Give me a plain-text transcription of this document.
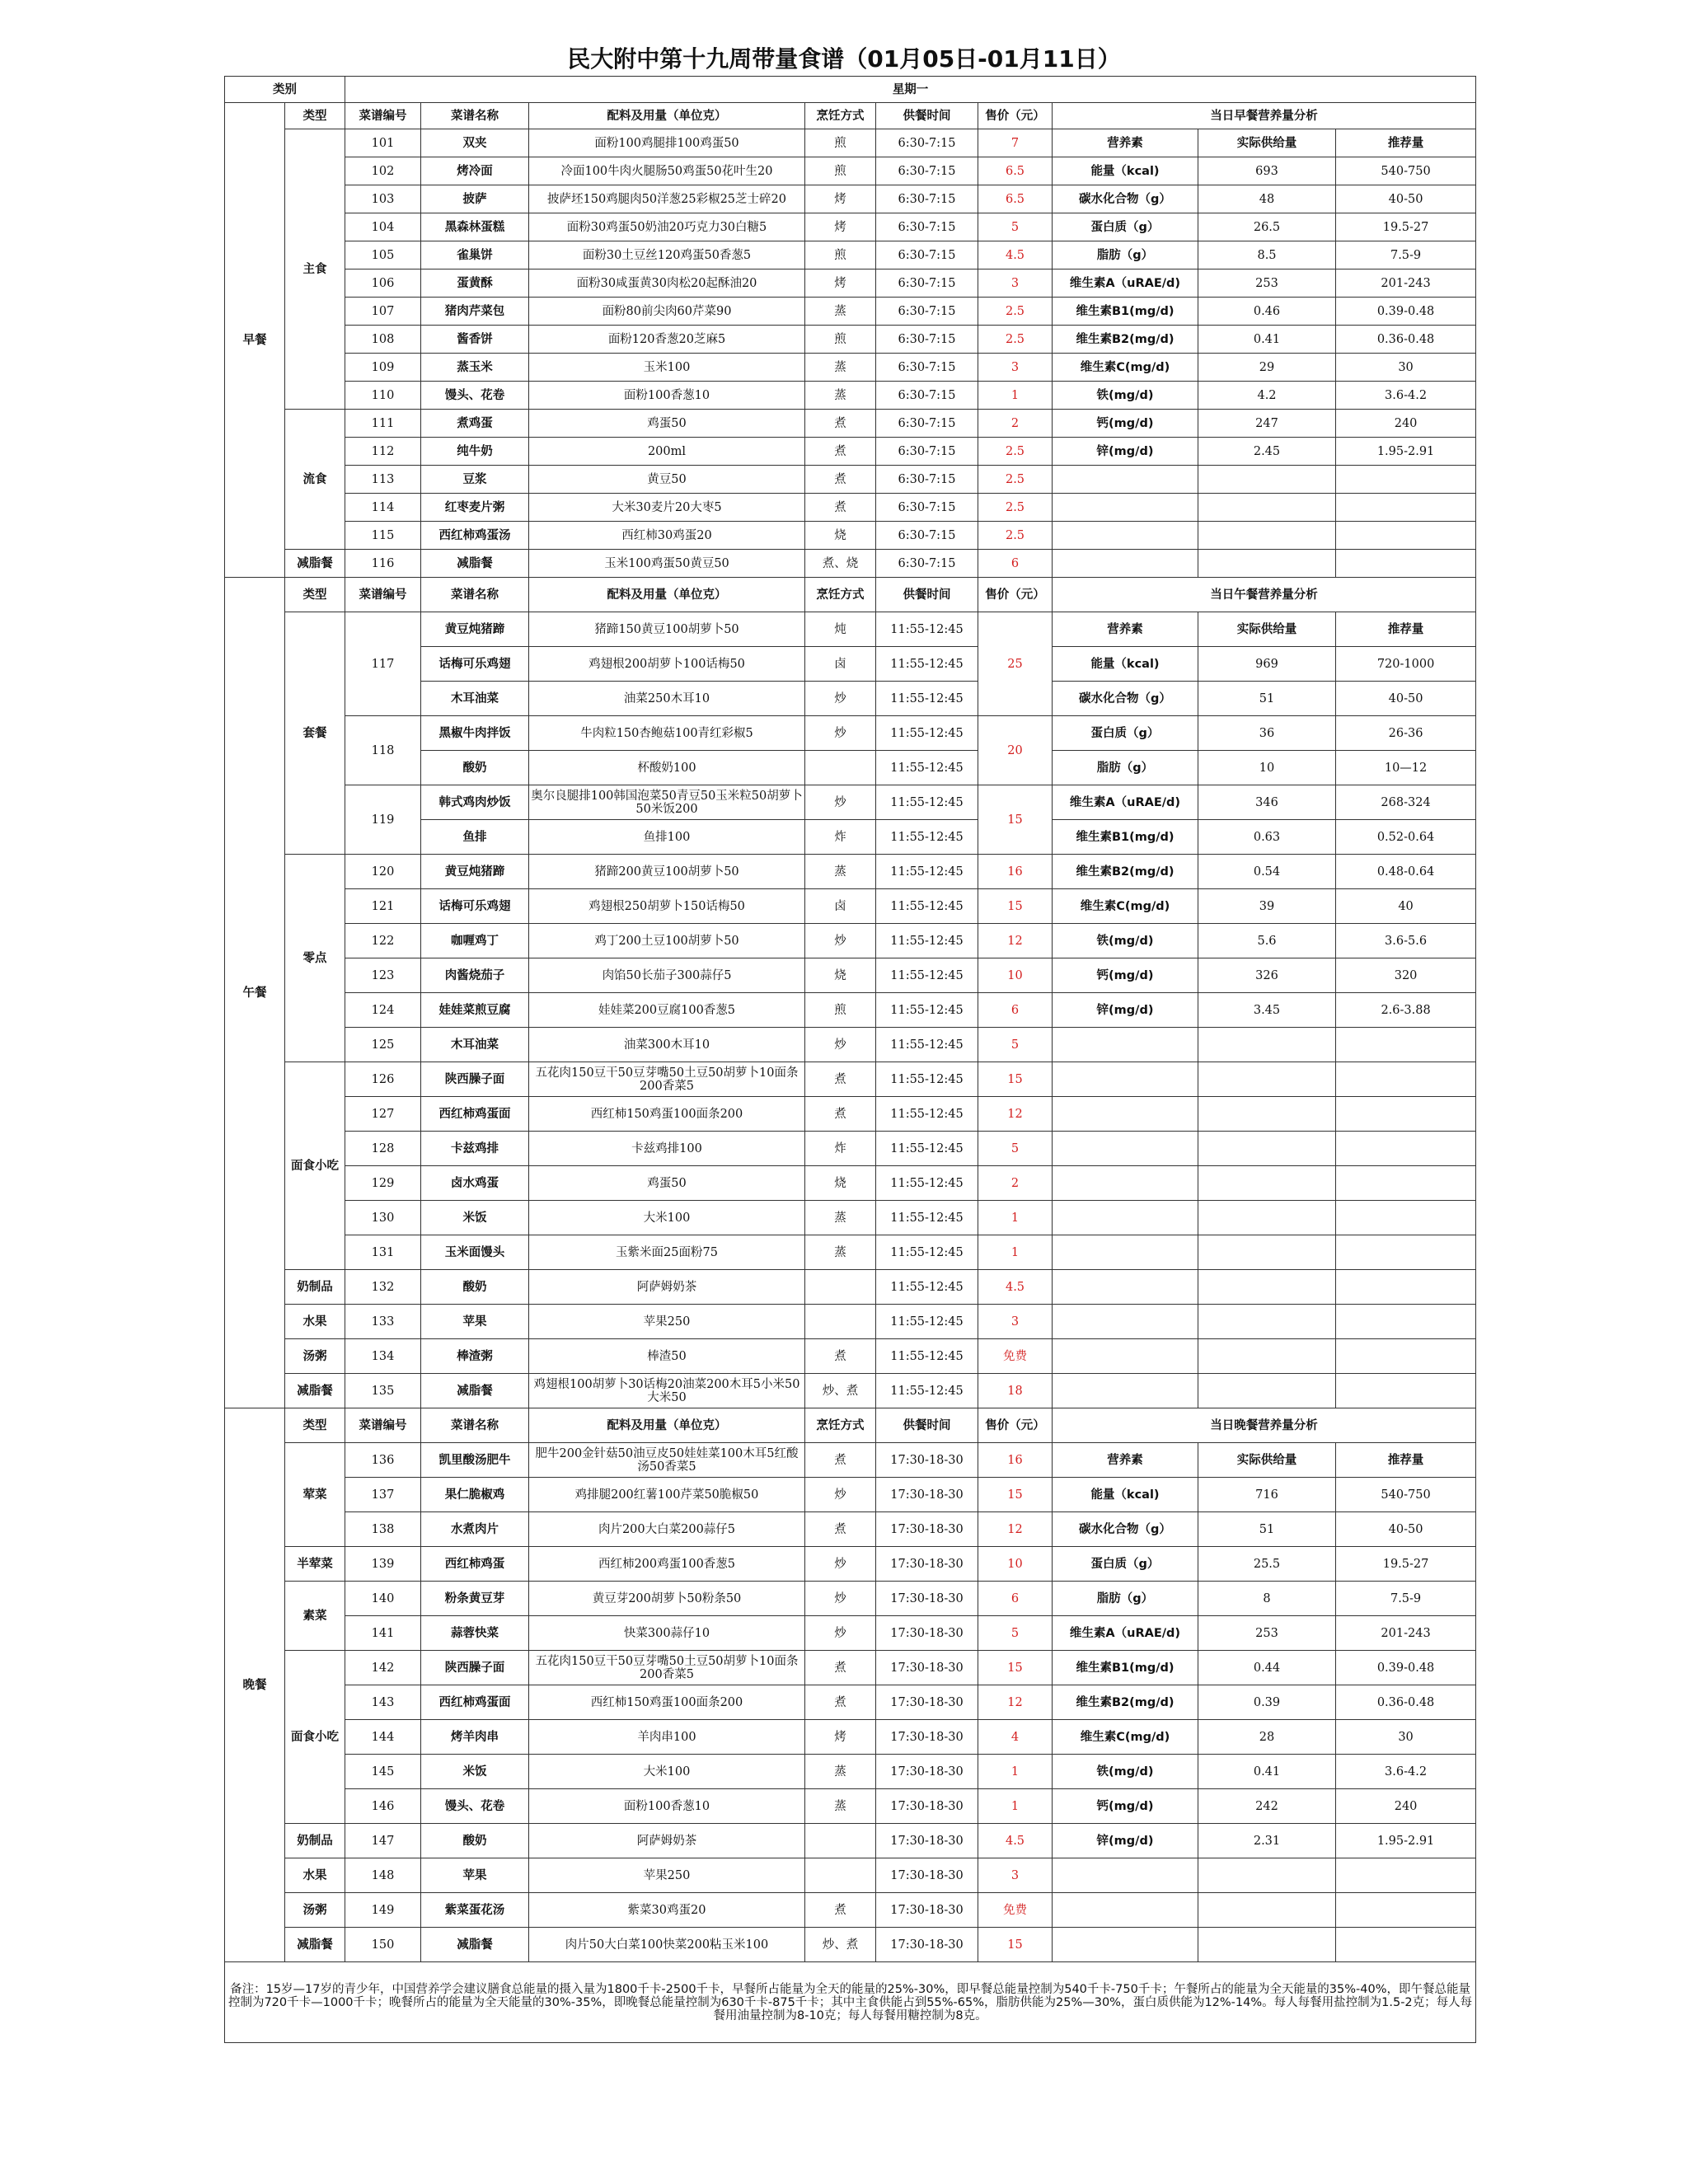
民大附中第十九周带量食谱（01月05日-01月11日）
类别		星期一								
早餐	类型	菜谱编号	菜谱名称	配料及用量（单位克）	烹饪方式	供餐时间	售价（元）	当日早餐营养量分析		
	主食	101	双夹	面粉100鸡腿排100鸡蛋50	煎	6:30-7:15	7	营养素	实际供给量	推荐量
		102	烤冷面	冷面100牛肉火腿肠50鸡蛋50花叶生20	煎	6:30-7:15	6.5	能量（kcal)	693	540-750
		103	披萨	披萨坯150鸡腿肉50洋葱25彩椒25芝士碎20	烤	6:30-7:15	6.5	碳水化合物（g）	48	40-50
		104	黑森林蛋糕	面粉30鸡蛋50奶油20巧克力30白糖5	烤	6:30-7:15	5	蛋白质（g）	26.5	19.5-27
		105	雀巢饼	面粉30土豆丝120鸡蛋50香葱5	煎	6:30-7:15	4.5	脂肪（g）	8.5	7.5-9
		106	蛋黄酥	面粉30咸蛋黄30肉松20起酥油20	烤	6:30-7:15	3	维生素A（uRAE/d)	253	201-243
		107	猪肉芹菜包	面粉80前尖肉60芹菜90	蒸	6:30-7:15	2.5	维生素B1(mg/d)	0.46	0.39-0.48
		108	酱香饼	面粉120香葱20芝麻5	煎	6:30-7:15	2.5	维生素B2(mg/d)	0.41	0.36-0.48
		109	蒸玉米	玉米100	蒸	6:30-7:15	3	维生素C(mg/d)	29	30
		110	馒头、花卷	面粉100香葱10	蒸	6:30-7:15	1	铁(mg/d)	4.2	3.6-4.2
	流食	111	煮鸡蛋	鸡蛋50	煮	6:30-7:15	2	钙(mg/d)	247	240
		112	纯牛奶	200ml	煮	6:30-7:15	2.5	锌(mg/d)	2.45	1.95-2.91
		113	豆浆	黄豆50	煮	6:30-7:15	2.5			
		114	红枣麦片粥	大米30麦片20大枣5	煮	6:30-7:15	2.5			
		115	西红柿鸡蛋汤	西红柿30鸡蛋20	烧	6:30-7:15	2.5			
	减脂餐	116	减脂餐	玉米100鸡蛋50黄豆50	煮、烧	6:30-7:15	6			
午餐	类型	菜谱编号	菜谱名称	配料及用量（单位克）	烹饪方式	供餐时间	售价（元）	当日午餐营养量分析		
	套餐	117	黄豆炖猪蹄	猪蹄150黄豆100胡萝卜50	炖	11:55-12:45	25	营养素	实际供给量	推荐量
			话梅可乐鸡翅	鸡翅根200胡萝卜100话梅50	卤	11:55-12:45		能量（kcal)	969	720-1000
			木耳油菜	油菜250木耳10	炒	11:55-12:45		碳水化合物（g）	51	40-50
		118	黑椒牛肉拌饭	牛肉粒150杏鲍菇100青红彩椒5	炒	11:55-12:45	20	蛋白质（g）	36	26-36
			酸奶	杯酸奶100		11:55-12:45		脂肪（g）	10	10—12
		119	韩式鸡肉炒饭	奥尔良腿排100韩国泡菜50青豆50玉米粒50胡萝卜50米饭200	炒	11:55-12:45	15	维生素A（uRAE/d)	346	268-324
			鱼排	鱼排100	炸	11:55-12:45		维生素B1(mg/d)	0.63	0.52-0.64
	零点	120	黄豆炖猪蹄	猪蹄200黄豆100胡萝卜50	蒸	11:55-12:45	16	维生素B2(mg/d)	0.54	0.48-0.64
		121	话梅可乐鸡翅	鸡翅根250胡萝卜150话梅50	卤	11:55-12:45	15	维生素C(mg/d)	39	40
		122	咖喱鸡丁	鸡丁200土豆100胡萝卜50	炒	11:55-12:45	12	铁(mg/d)	5.6	3.6-5.6
		123	肉酱烧茄子	肉馅50长茄子300蒜仔5	烧	11:55-12:45	10	钙(mg/d)	326	320
		124	娃娃菜煎豆腐	娃娃菜200豆腐100香葱5	煎	11:55-12:45	6	锌(mg/d)	3.45	2.6-3.88
		125	木耳油菜	油菜300木耳10	炒	11:55-12:45	5			
	面食小吃	126	陕西臊子面	五花肉150豆干50豆芽嘴50土豆50胡萝卜10面条200香菜5	煮	11:55-12:45	15			
		127	西红柿鸡蛋面	西红柿150鸡蛋100面条200	煮	11:55-12:45	12			
		128	卡兹鸡排	卡兹鸡排100	炸	11:55-12:45	5			
		129	卤水鸡蛋	鸡蛋50	烧	11:55-12:45	2			
		130	米饭	大米100	蒸	11:55-12:45	1			
		131	玉米面馒头	玉紫米面25面粉75	蒸	11:55-12:45	1			
	奶制品	132	酸奶	阿萨姆奶茶		11:55-12:45	4.5			
	水果	133	苹果	苹果250		11:55-12:45	3			
	汤粥	134	棒渣粥	棒渣50	煮	11:55-12:45	免费			
	减脂餐	135	减脂餐	鸡翅根100胡萝卜30话梅20油菜200木耳5小米50大米50	炒、煮	11:55-12:45	18			
晚餐	类型	菜谱编号	菜谱名称	配料及用量（单位克）	烹饪方式	供餐时间	售价（元）	当日晚餐营养量分析		
	荤菜	136	凯里酸汤肥牛	肥牛200金针菇50油豆皮50娃娃菜100木耳5红酸汤50香菜5	煮	17:30-18-30	16	营养素	实际供给量	推荐量
		137	果仁脆椒鸡	鸡排腿200红薯100芹菜50脆椒50	炒	17:30-18-30	15	能量（kcal)	716	540-750
		138	水煮肉片	肉片200大白菜200蒜仔5	煮	17:30-18-30	12	碳水化合物（g）	51	40-50
	半荤菜	139	西红柿鸡蛋	西红柿200鸡蛋100香葱5	炒	17:30-18-30	10	蛋白质（g）	25.5	19.5-27
	素菜	140	粉条黄豆芽	黄豆芽200胡萝卜50粉条50	炒	17:30-18-30	6	脂肪（g）	8	7.5-9
		141	蒜蓉快菜	快菜300蒜仔10	炒	17:30-18-30	5	维生素A（uRAE/d)	253	201-243
	面食小吃	142	陕西臊子面	五花肉150豆干50豆芽嘴50土豆50胡萝卜10面条200香菜5	煮	17:30-18-30	15	维生素B1(mg/d)	0.44	0.39-0.48
		143	西红柿鸡蛋面	西红柿150鸡蛋100面条200	煮	17:30-18-30	12	维生素B2(mg/d)	0.39	0.36-0.48
		144	烤羊肉串	羊肉串100	烤	17:30-18-30	4	维生素C(mg/d)	28	30
		145	米饭	大米100	蒸	17:30-18-30	1	铁(mg/d)	0.41	3.6-4.2
		146	馒头、花卷	面粉100香葱10	蒸	17:30-18-30	1	钙(mg/d)	242	240
	奶制品	147	酸奶	阿萨姆奶茶		17:30-18-30	4.5	锌(mg/d)	2.31	1.95-2.91
	水果	148	苹果	苹果250		17:30-18-30	3			
	汤粥	149	紫菜蛋花汤	紫菜30鸡蛋20	煮	17:30-18-30	免费			
	减脂餐	150	减脂餐	肉片50大白菜100快菜200粘玉米100	炒、煮	17:30-18-30	15			
备注：15岁—17岁的青少年，中国营养学会建议膳食总能量的摄入量为1800千卡-2500千卡，早餐所占能量为全天的能量的25%-30%，即早餐总能量控制为540千卡-750千卡；午餐所占的能量为全天能量的35%-40%，即午餐总能量控制为720千卡—1000千卡；晚餐所占的能量为全天能量的30%-35%，即晚餐总能量控制为630千卡-875千卡；其中主食供能占到55%-65%，脂肪供能为25%—30%，蛋白质供能为12%-14%。每人每餐用盐控制为1.5-2克；每人每餐用油量控制为8-10克；每人每餐用糖控制为8克。										
